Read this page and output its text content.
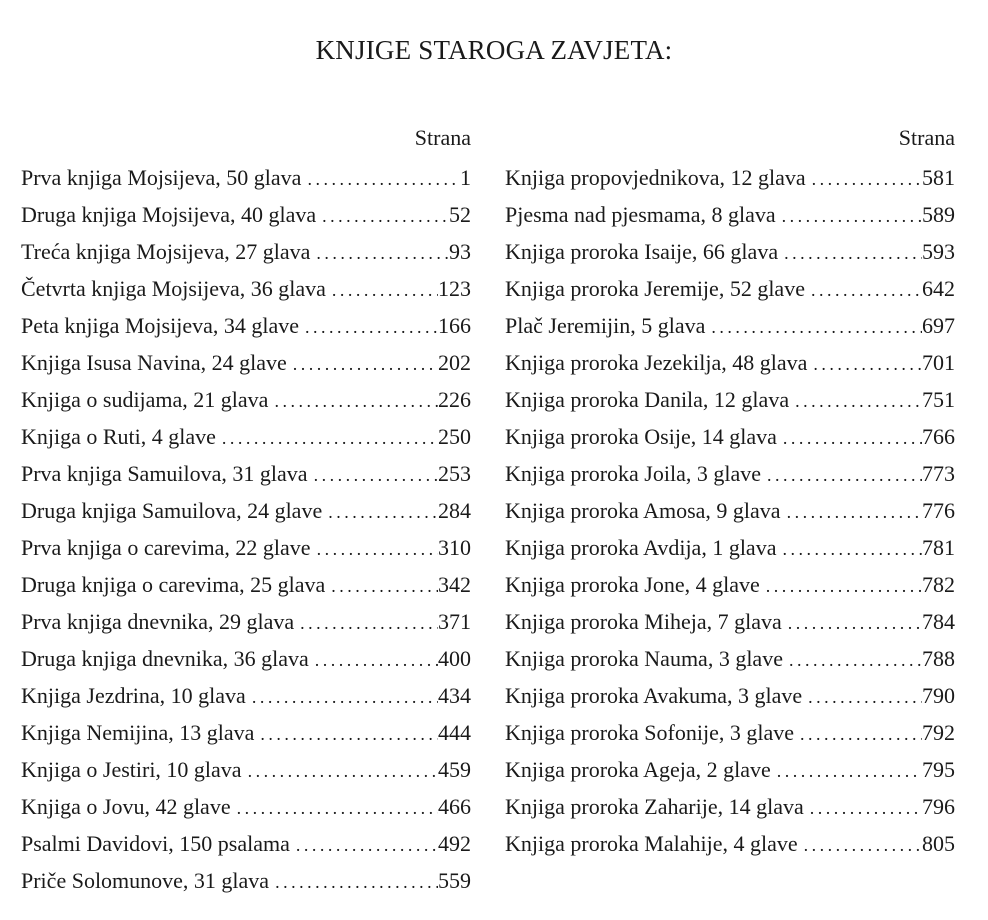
KNJIGE STAROGA ZAVJETA:
Strana
Prva knjiga Mojsijeva, 50 glava . . .	1
Druga knjiga Mojsijeva, 40 glava . . .	52
Treća knjiga Mojsijeva, 27 glava . . .	93
Četvrta knjiga Mojsijeva, 36 glava . . .	123
Peta knjiga Mojsijeva, 34 glave . . .	166
Knjiga Isusa Navina, 24 glave . . .	202
Knjiga o sudijama, 21 glava . . .	226
Knjiga o Ruti, 4 glave . . .	250
Prva knjiga Samuilova, 31 glava . . .	253
Druga knjiga Samuilova, 24 glave . . .	284
Prva knjiga o carevima, 22 glave . . .	310
Druga knjiga o carevima, 25 glava . . .	342
Prva knjiga dnevnika, 29 glava . . .	371
Druga knjiga dnevnika, 36 glava . . .	400
Knjiga Jezdrina, 10 glava . . .	434
Knjiga Nemijina, 13 glava . . .	444
Knjiga o Jestiri, 10 glava . . .	459
Knjiga o Jovu, 42 glave . . .	466
Psalmi Davidovi, 150 psalama . . .	492
Priče Solomunove, 31 glava . . .	559
Strana
Knjiga propovjednikova, 12 glava . . .	581
Pjesma nad pjesmama, 8 glava . . .	589
Knjiga proroka Isaije, 66 glava . . .	593
Knjiga proroka Jeremije, 52 glave . . .	642
Plač Jeremijin, 5 glava . . .	697
Knjiga proroka Jezekilja, 48 glava . . .	701
Knjiga proroka Danila, 12 glava . . .	751
Knjiga proroka Osije, 14 glava . . .	766
Knjiga proroka Joila, 3 glave . . .	773
Knjiga proroka Amosa, 9 glava . . .	776
Knjiga proroka Avdija, 1 glava . . .	781
Knjiga proroka Jone, 4 glave . . .	782
Knjiga proroka Miheja, 7 glava . . .	784
Knjiga proroka Nauma, 3 glave . . .	788
Knjiga proroka Avakuma, 3 glave . . .	790
Knjiga proroka Sofonije, 3 glave . . .	792
Knjiga proroka Ageja, 2 glave . . .	795
Knjiga proroka Zaharije, 14 glava . . .	796
Knjiga proroka Malahije, 4 glave . . .	805
